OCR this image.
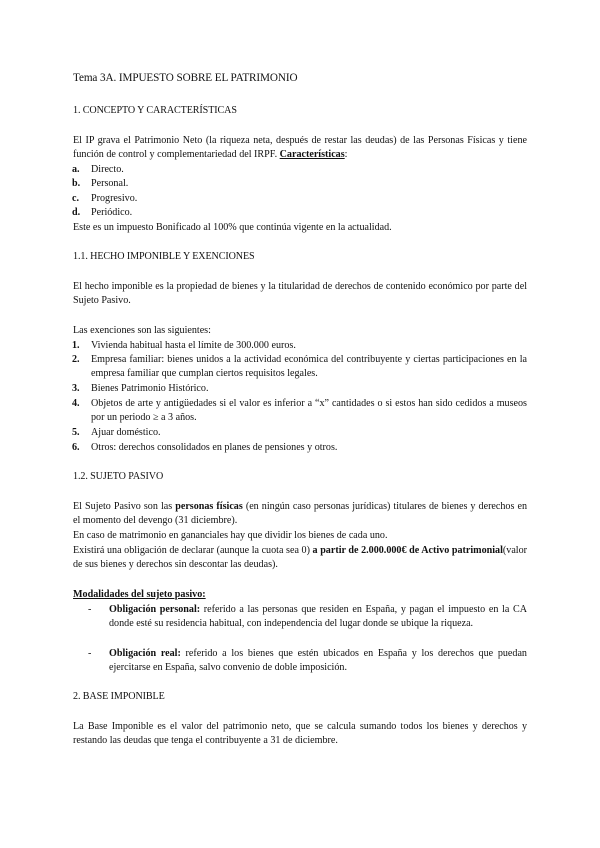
Tema 3A. IMPUESTO SOBRE EL PATRIMONIO
1. CONCEPTO Y CARACTERÍSTICAS
El IP grava el Patrimonio Neto (la riqueza neta, después de restar las deudas) de las Personas Físicas y tiene función de control y complementariedad del IRPF. Características:
a. Directo.
b. Personal.
c. Progresivo.
d. Periódico.
Este es un impuesto Bonificado al 100% que continúa vigente en la actualidad.
1.1. HECHO IMPONIBLE Y EXENCIONES
El hecho imponible es la propiedad de bienes y la titularidad de derechos de contenido económico por parte del Sujeto Pasivo.
Las exenciones son las siguientes:
1. Vivienda habitual hasta el límite de 300.000 euros.
2. Empresa familiar: bienes unidos a la actividad económica del contribuyente y ciertas participaciones en la empresa familiar que cumplan ciertos requisitos legales.
3. Bienes Patrimonio Histórico.
4. Objetos de arte y antigüedades si el valor es inferior a “x” cantidades o si estos han sido cedidos a museos por un periodo ≥ a 3 años.
5. Ajuar doméstico.
6. Otros: derechos consolidados en planes de pensiones y otros.
1.2. SUJETO PASIVO
El Sujeto Pasivo son las personas físicas (en ningún caso personas jurídicas) titulares de bienes y derechos en el momento del devengo (31 diciembre).
En caso de matrimonio en gananciales hay que dividir los bienes de cada uno.
Existirá una obligación de declarar (aunque la cuota sea 0) a partir de 2.000.000€ de Activo patrimonial(valor de sus bienes y derechos sin descontar las deudas).
Modalidades del sujeto pasivo:
- Obligación personal: referido a las personas que residen en España, y pagan el impuesto en la CA donde esté su residencia habitual, con independencia del lugar donde se ubique la riqueza.
- Obligación real: referido a los bienes que estén ubicados en España y los derechos que puedan ejercitarse en España, salvo convenio de doble imposición.
2. BASE IMPONIBLE
La Base Imponible es el valor del patrimonio neto, que se calcula sumando todos los bienes y derechos y restando las deudas que tenga el contribuyente a 31 de diciembre.
